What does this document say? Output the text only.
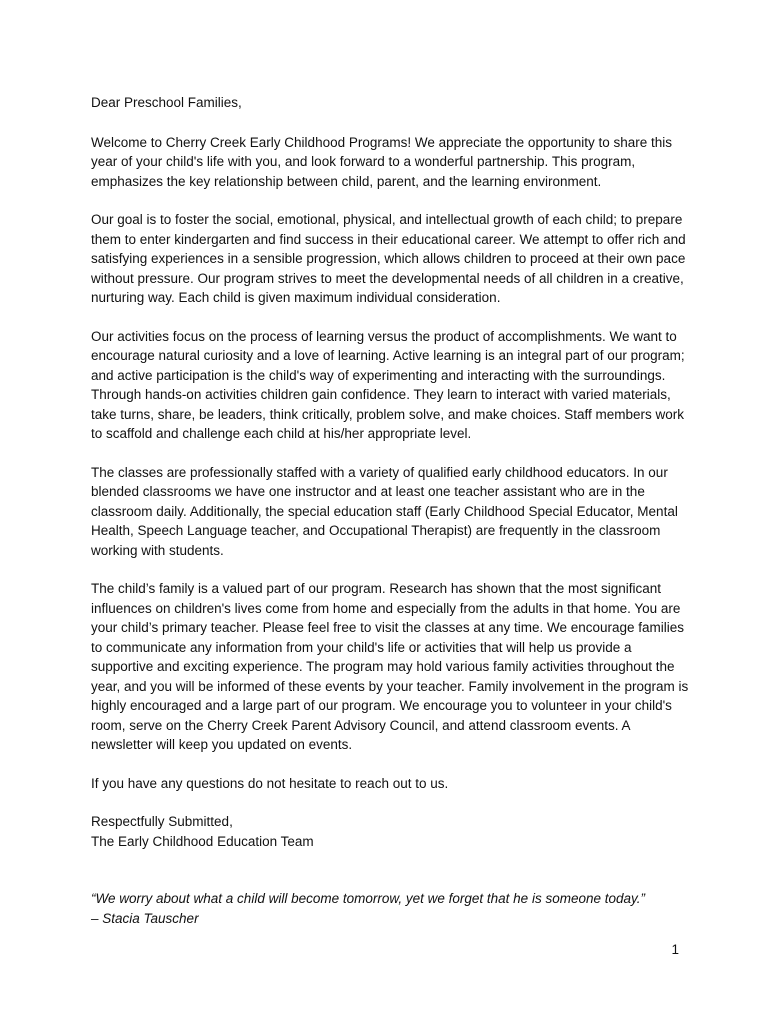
Dear Preschool Families,

Welcome to Cherry Creek Early Childhood Programs! We appreciate the opportunity to share this year of your child's life with you, and look forward to a wonderful partnership. This program, emphasizes the key relationship between child, parent, and the learning environment.

Our goal is to foster the social, emotional, physical, and intellectual growth of each child; to prepare them to enter kindergarten and find success in their educational career. We attempt to offer rich and satisfying experiences in a sensible progression, which allows children to proceed at their own pace without pressure. Our program strives to meet the developmental needs of all children in a creative, nurturing way. Each child is given maximum individual consideration.

Our activities focus on the process of learning versus the product of accomplishments. We want to encourage natural curiosity and a love of learning. Active learning is an integral part of our program; and active participation is the child's way of experimenting and interacting with the surroundings. Through hands-on activities children gain confidence. They learn to interact with varied materials, take turns, share, be leaders, think critically, problem solve, and make choices. Staff members work to scaffold and challenge each child at his/her appropriate level.

The classes are professionally staffed with a variety of qualified early childhood educators. In our blended classrooms we have one instructor and at least one teacher assistant who are in the classroom daily. Additionally, the special education staff (Early Childhood Special Educator, Mental Health, Speech Language teacher, and Occupational Therapist) are frequently in the classroom working with students.

The child’s family is a valued part of our program. Research has shown that the most significant influences on children's lives come from home and especially from the adults in that home. You are your child’s primary teacher. Please feel free to visit the classes at any time. We encourage families to communicate any information from your child's life or activities that will help us provide a supportive and exciting experience. The program may hold various family activities throughout the year, and you will be informed of these events by your teacher. Family involvement in the program is highly encouraged and a large part of our program. We encourage you to volunteer in your child's room, serve on the Cherry Creek Parent Advisory Council, and attend classroom events. A newsletter will keep you updated on events.

If you have any questions do not hesitate to reach out to us.

Respectfully Submitted,
The Early Childhood Education Team

“We worry about what a child will become tomorrow, yet we forget that he is someone today.”
– Stacia Tauscher

1
